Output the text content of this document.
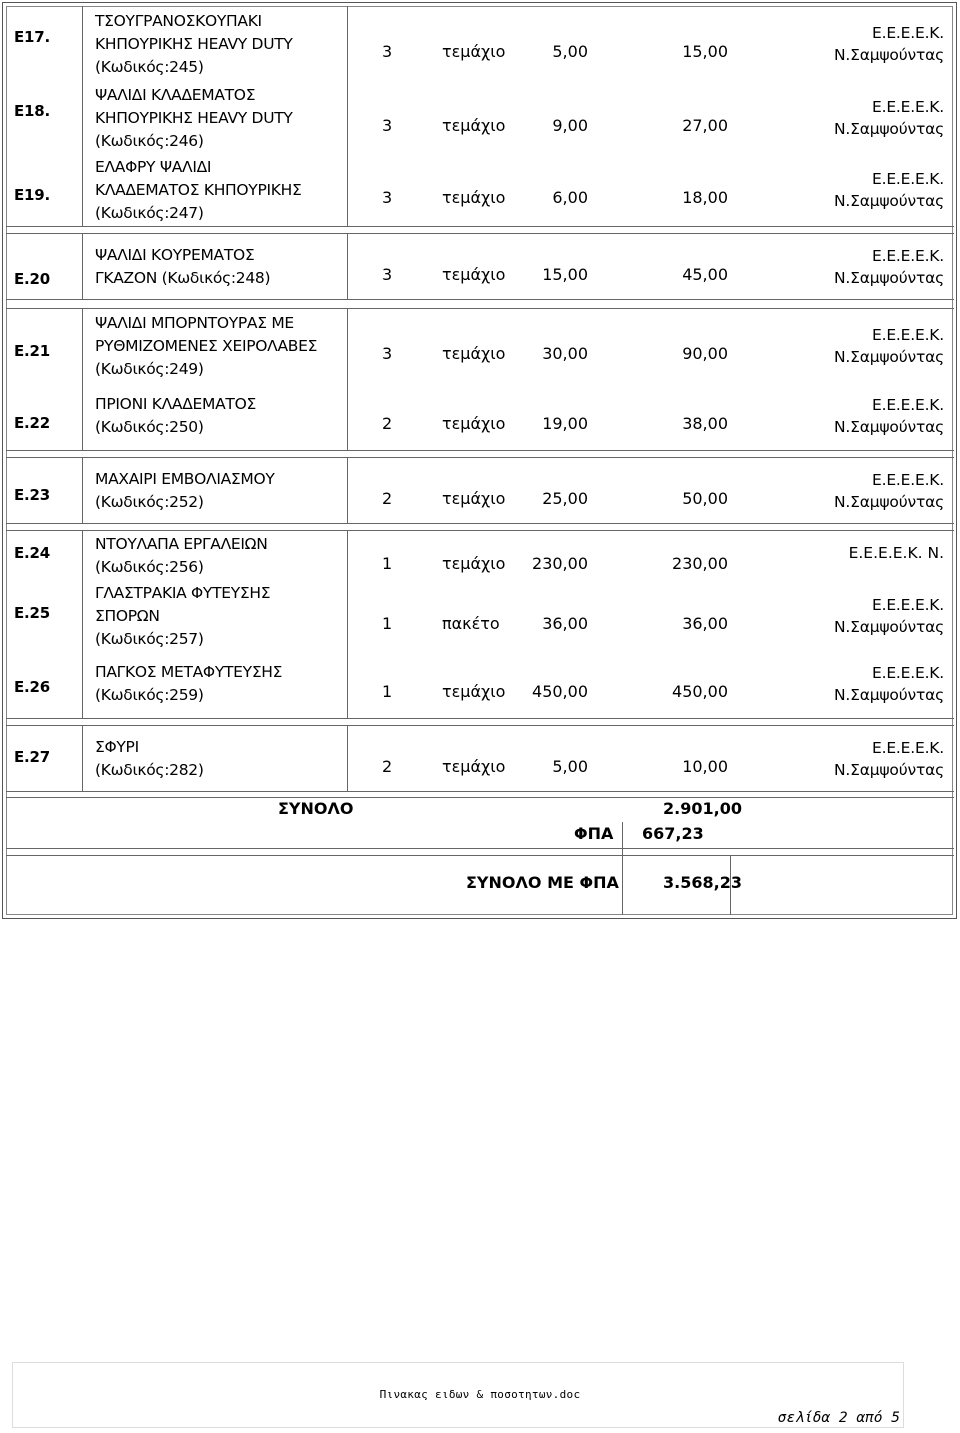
Ε17.
ΤΣΟΥΓΡΑΝΟΣΚΟΥΠΑΚΙ
ΚΗΠΟΥΡΙΚΗΣ HEAVY DUTY
(Κωδικός:245)
3	τεμάχιο	5,00	15,00
Ε.Ε.Ε.Ε.Κ.
Ν.Σαμψούντας
Ε18.
ΨΑΛΙΔΙ ΚΛΑΔΕΜΑΤΟΣ
ΚΗΠΟΥΡΙΚΗΣ HEAVY DUTY
(Κωδικός:246)
3	τεμάχιο	9,00	27,00
Ε.Ε.Ε.Ε.Κ.
Ν.Σαμψούντας
Ε19.
ΕΛΑΦΡΥ ΨΑΛΙΔΙ
ΚΛΑΔΕΜΑΤΟΣ ΚΗΠΟΥΡΙΚΗΣ
(Κωδικός:247)
3	τεμάχιο	6,00	18,00
Ε.Ε.Ε.Ε.Κ.
Ν.Σαμψούντας
Ε.20
ΨΑΛΙΔΙ ΚΟΥΡΕΜΑΤΟΣ
ΓΚΑΖΟΝ (Κωδικός:248)	3	τεμάχιο 15,00	45,00
Ε.Ε.Ε.Ε.Κ.
Ν.Σαμψούντας
Ε.21
ΨΑΛΙΔΙ ΜΠΟΡΝΤΟΥΡΑΣ ΜΕ
ΡΥΘΜΙΖΟΜΕΝΕΣ ΧΕΙΡΟΛΑΒΕΣ
(Κωδικός:249)
3	τεμάχιο 30,00	90,00
Ε.Ε.Ε.Ε.Κ.
Ν.Σαμψούντας
Ε.22
ΠΡΙΟΝΙ ΚΛΑΔΕΜΑΤΟΣ
(Κωδικός:250)	2	τεμάχιο 19,00	38,00
Ε.Ε.Ε.Ε.Κ.
Ν.Σαμψούντας
Ε.23
ΜΑΧΑΙΡΙ ΕΜΒΟΛΙΑΣΜΟΥ
(Κωδικός:252)	2	τεμάχιο 25,00	50,00
Ε.Ε.Ε.Ε.Κ.
Ν.Σαμψούντας
Ε.24	ΝΤΟΥΛΑΠΑ ΕΡΓΑΛΕΙΩΝ
(Κωδικός:256)	1	τεμάχιο 230,00	230,00
Ε.Ε.Ε.Ε.Κ. Ν.
Ε.25
ΓΛΑΣΤΡΑΚΙΑ ΦΥΤΕΥΣΗΣ
ΣΠΟΡΩΝ
(Κωδικός:257)
1	πακέτο	36,00	36,00
Ε.Ε.Ε.Ε.Κ.
Ν.Σαμψούντας
Ε.26
ΠΑΓΚΟΣ ΜΕΤΑΦΥΤΕΥΣΗΣ
(Κωδικός:259)	1	τεμάχιο 450,00	450,00
Ε.Ε.Ε.Ε.Κ.
Ν.Σαμψούντας
Ε.27
ΣΦΥΡΙ
(Κωδικός:282)	2	τεμάχιο	5,00	10,00
Ε.Ε.Ε.Ε.Κ.
Ν.Σαμψούντας
ΣΥΝΟΛΟ	2.901,00
ΦΠΑ 667,23
ΣΥΝΟΛΟ ΜΕ ΦΠΑ	3.568,23
Πινακας ειδων & ποσοτητων.doc
σελίδα 2 από 5
